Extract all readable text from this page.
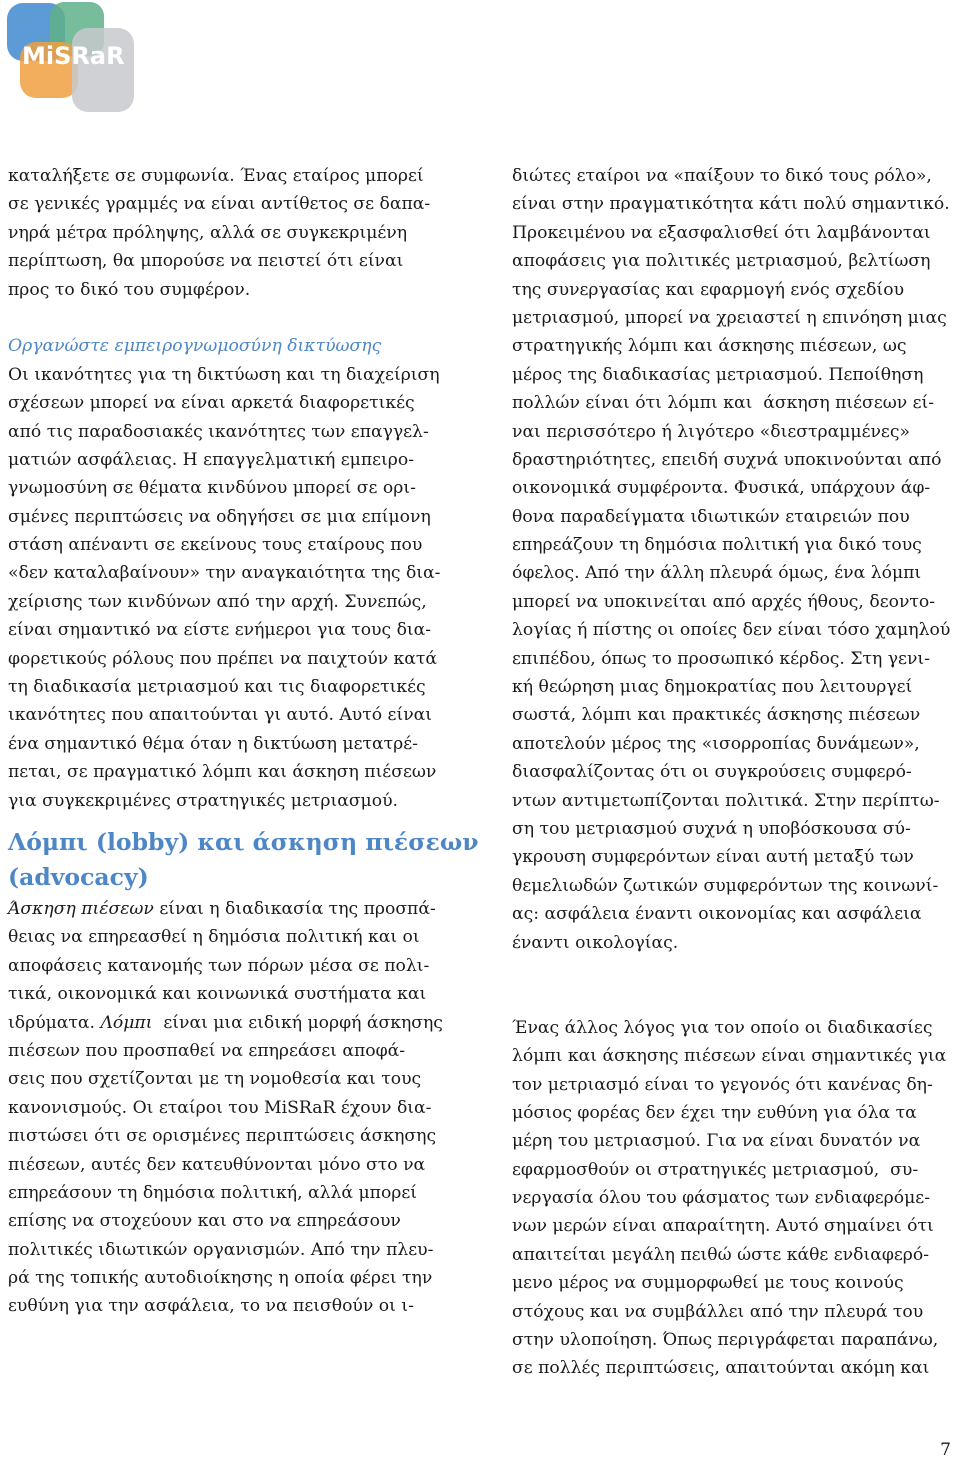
MiSRaR
καταλήξετε σε συμφωνία. Ένας εταίρος μπορεί
σε γενικές γραμμές να είναι αντίθετος σε δαπα-
νηρά μέτρα πρόληψης, αλλά σε συγκεκριμένη
περίπτωση, θα μπορούσε να πειστεί ότι είναι
προς το δικό του συμφέρον.
Οργανώστε εμπειρογνωμοσύνη δικτύωσης
Οι ικανότητες για τη δικτύωση και τη διαχείριση
σχέσεων μπορεί να είναι αρκετά διαφορετικές
από τις παραδοσιακές ικανότητες των επαγγελ-
ματιών ασφάλειας. Η επαγγελματική εμπειρο-
γνωμοσύνη σε θέματα κινδύνου μπορεί σε ορι-
σμένες περιπτώσεις να οδηγήσει σε μια επίμονη
στάση απέναντι σε εκείνους τους εταίρους που
«δεν καταλαβαίνουν» την αναγκαιότητα της δια-
χείρισης των κινδύνων από την αρχή. Συνεπώς,
είναι σημαντικό να είστε ενήμεροι για τους δια-
φορετικούς ρόλους που πρέπει να παιχτούν κατά
τη διαδικασία μετριασμού και τις διαφορετικές
ικανότητες που απαιτούνται γι αυτό. Αυτό είναι
ένα σημαντικό θέμα όταν η δικτύωση μετατρέ-
πεται, σε πραγματικό λόμπι και άσκηση πιέσεων
για συγκεκριμένες στρατηγικές μετριασμού.
Λόμπι (lobby) και άσκηση πιέσεων
(advocacy)
Άσκηση πιέσεων είναι η διαδικασία της προσπά-
θειας να επηρεασθεί η δημόσια πολιτική και οι
αποφάσεις κατανομής των πόρων μέσα σε πολι-
τικά, οικονομικά και κοινωνικά συστήματα και
ιδρύματα. Λόμπι  είναι μια ειδική μορφή άσκησης
πιέσεων που προσπαθεί να επηρεάσει αποφά-
σεις που σχετίζονται με τη νομοθεσία και τους
κανονισμούς. Οι εταίροι του MiSRaR έχουν δια-
πιστώσει ότι σε ορισμένες περιπτώσεις άσκησης
πιέσεων, αυτές δεν κατευθύνονται μόνο στο να
επηρεάσουν τη δημόσια πολιτική, αλλά μπορεί
επίσης να στοχεύουν και στο να επηρεάσουν
πολιτικές ιδιωτικών οργανισμών. Από την πλευ-
ρά της τοπικής αυτοδιοίκησης η οποία φέρει την
ευθύνη για την ασφάλεια, το να πεισθούν οι ι-
διώτες εταίροι να «παίξουν το δικό τους ρόλο»,
είναι στην πραγματικότητα κάτι πολύ σημαντικό.
Προκειμένου να εξασφαλισθεί ότι λαμβάνονται
αποφάσεις για πολιτικές μετριασμού, βελτίωση
της συνεργασίας και εφαρμογή ενός σχεδίου
μετριασμού, μπορεί να χρειαστεί η επινόηση μιας
στρατηγικής λόμπι και άσκησης πιέσεων, ως
μέρος της διαδικασίας μετριασμού. Πεποίθηση
πολλών είναι ότι λόμπι και  άσκηση πιέσεων εί-
ναι περισσότερο ή λιγότερο «διεστραμμένες»
δραστηριότητες, επειδή συχνά υποκινούνται από
οικονομικά συμφέροντα. Φυσικά, υπάρχουν άφ-
θονα παραδείγματα ιδιωτικών εταιρειών που
επηρεάζουν τη δημόσια πολιτική για δικό τους
όφελος. Από την άλλη πλευρά όμως, ένα λόμπι
μπορεί να υποκινείται από αρχές ήθους, δεοντο-
λογίας ή πίστης οι οποίες δεν είναι τόσο χαμηλού
επιπέδου, όπως το προσωπικό κέρδος. Στη γενι-
κή θεώρηση μιας δημοκρατίας που λειτουργεί
σωστά, λόμπι και πρακτικές άσκησης πιέσεων
αποτελούν μέρος της «ισορροπίας δυνάμεων»,
διασφαλίζοντας ότι οι συγκρούσεις συμφερό-
ντων αντιμετωπίζονται πολιτικά. Στην περίπτω-
ση του μετριασμού συχνά η υποβόσκουσα σύ-
γκρουση συμφερόντων είναι αυτή μεταξύ των
θεμελιωδών ζωτικών συμφερόντων της κοινωνί-
ας: ασφάλεια έναντι οικονομίας και ασφάλεια
έναντι οικολογίας.
Ένας άλλος λόγος για τον οποίο οι διαδικασίες
λόμπι και άσκησης πιέσεων είναι σημαντικές για
τον μετριασμό είναι το γεγονός ότι κανένας δη-
μόσιος φορέας δεν έχει την ευθύνη για όλα τα
μέρη του μετριασμού. Για να είναι δυνατόν να
εφαρμοσθούν οι στρατηγικές μετριασμού,  συ-
νεργασία όλου του φάσματος των ενδιαφερόμε-
νων μερών είναι απαραίτητη. Αυτό σημαίνει ότι
απαιτείται μεγάλη πειθώ ώστε κάθε ενδιαφερό-
μενο μέρος να συμμορφωθεί με τους κοινούς
στόχους και να συμβάλλει από την πλευρά του
στην υλοποίηση. Όπως περιγράφεται παραπάνω,
σε πολλές περιπτώσεις, απαιτούνται ακόμη και
7
